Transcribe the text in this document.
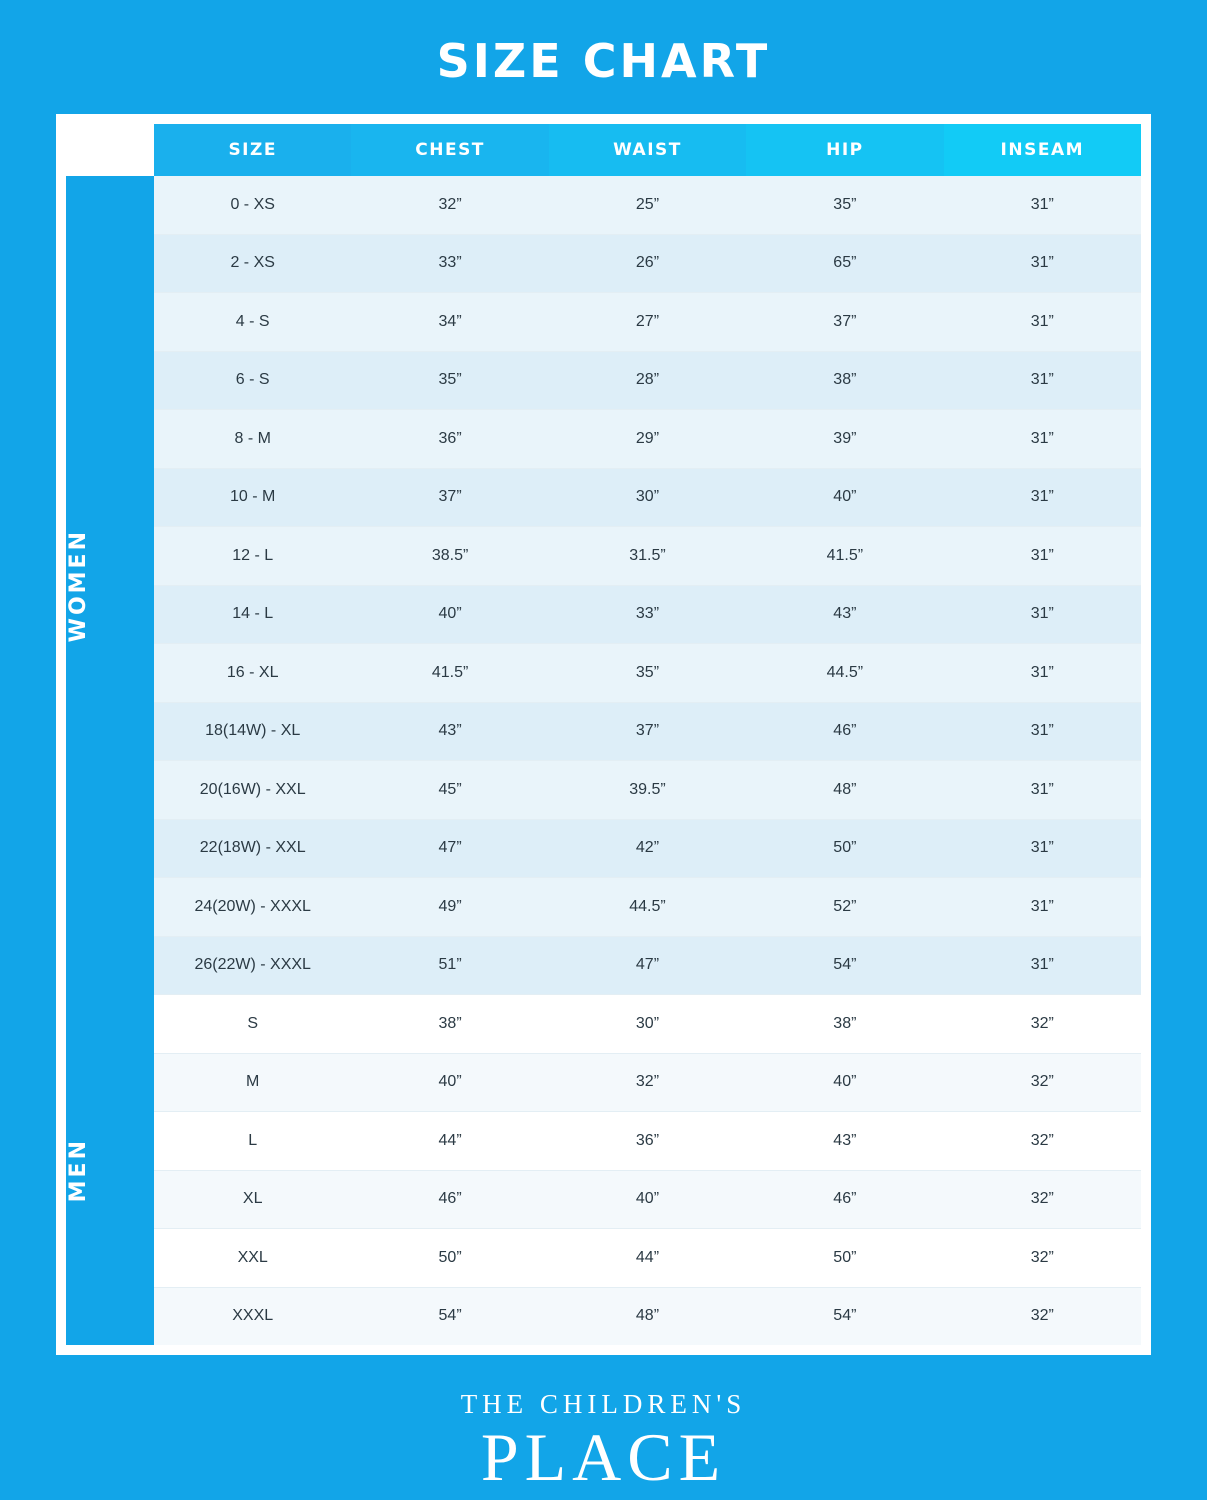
SIZE CHART
	SIZE	CHEST	WAIST	HIP	INSEAM

WOMEN	0 - XS	32”	25”	35”	31”
	2 - XS	33”	26”	65”	31”
	4 - S	34”	27”	37”	31”
	6 - S	35”	28”	38”	31”
	8 - M	36”	29”	39”	31”
	10 - M	37”	30”	40”	31”
	12 - L	38.5”	31.5”	41.5”	31”
	14 - L	40”	33”	43”	31”
	16 - XL	41.5”	35”	44.5”	31”
	18(14W) - XL	43”	37”	46”	31”
	20(16W) - XXL	45”	39.5”	48”	31”
	22(18W) - XXL	47”	42”	50”	31”
	24(20W) - XXXL	49”	44.5”	52”	31”
	26(22W) - XXXL	51”	47”	54”	31”

MEN	S	38”	30”	38”	32”
	M	40”	32”	40”	32”
	L	44”	36”	43”	32”
	XL	46”	40”	46”	32”
	XXL	50”	44”	50”	32”
	XXXL	54”	48”	54”	32”
THE CHILDREN'S
PLACE
